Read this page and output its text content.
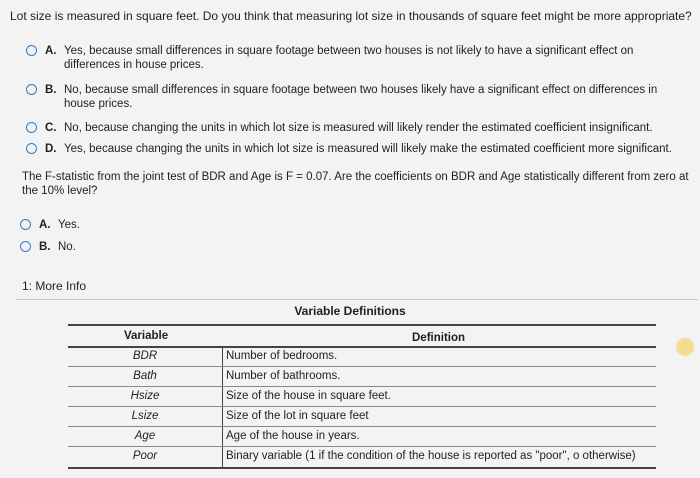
Lot size is measured in square feet. Do you think that measuring lot size in thousands of square feet might be more appropriate?
A. Yes, because small differences in square footage between two houses is not likely to have a significant effect on differences in house prices.
B. No, because small differences in square footage between two houses likely have a significant effect on differences in house prices.
C. No, because changing the units in which lot size is measured will likely render the estimated coefficient insignificant.
D. Yes, because changing the units in which lot size is measured will likely make the estimated coefficient more significant.
The F-statistic from the joint test of BDR and Age is F = 0.07. Are the coefficients on BDR and Age statistically different from zero at the 10% level?
A. Yes.
B. No.
1: More Info
Variable Definitions
Variable	Definition
BDR	Number of bedrooms.
Bath	Number of bathrooms.
Hsize	Size of the house in square feet.
Lsize	Size of the lot in square feet
Age	Age of the house in years.
Poor	Binary variable (1 if the condition of the house is reported as "poor", o otherwise)
